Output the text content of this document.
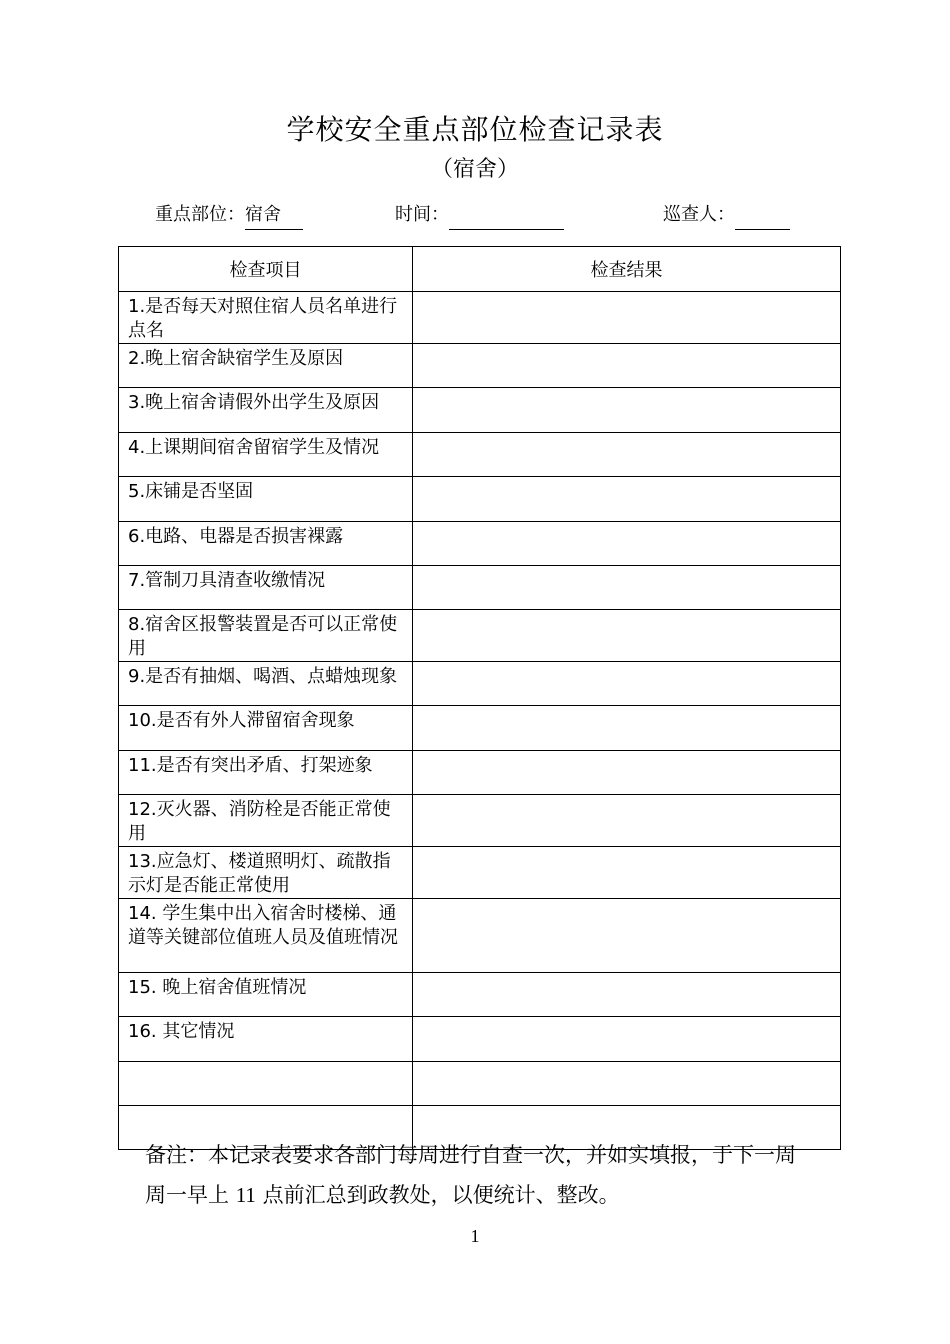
学校安全重点部位检查记录表
（宿舍）
重点部位：宿舍	时间：	巡查人：
检查项目	检查结果

1.是否每天对照住宿人员名单进行点名	

2.晚上宿舍缺宿学生及原因	

3.晚上宿舍请假外出学生及原因	

4.上课期间宿舍留宿学生及情况	

5.床铺是否坚固	

6.电路、电器是否损害裸露	

7.管制刀具清查收缴情况	

8.宿舍区报警装置是否可以正常使用	

9.是否有抽烟、喝酒、点蜡烛现象	

10.是否有外人滞留宿舍现象	

11.是否有突出矛盾、打架迹象	

12.灭火器、消防栓是否能正常使用	

13.应急灯、楼道照明灯、疏散指示灯是否能正常使用	

14. 学生集中出入宿舍时楼梯、通道等关键部位值班人员及值班情况	

15. 晚上宿舍值班情况	

16. 其它情况	

备注：本记录表要求各部门每周进行自查一次，并如实填报，于下一周周一早上 11 点前汇总到政教处，以便统计、整改。
1
